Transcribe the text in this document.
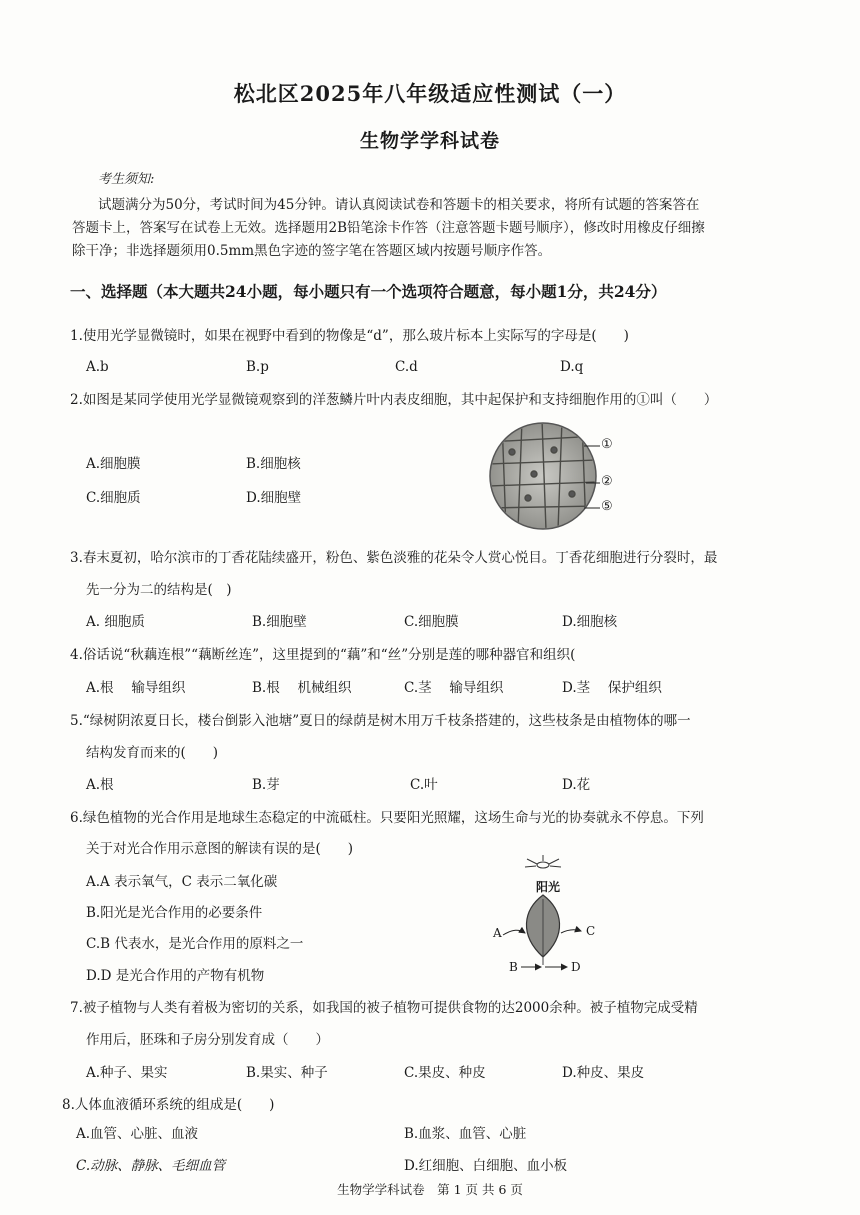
松北区2025年八年级适应性测试（一）
生物学学科试卷
考生须知:
试题满分为50分，考试时间为45分钟。请认真阅读试卷和答题卡的相关要求，将所有试题的答案答在
答题卡上，答案写在试卷上无效。选择题用2B铅笔涂卡作答（注意答题卡题号顺序），修改时用橡皮仔细擦
除干净；非选择题须用0.5mm黑色字迹的签字笔在答题区域内按题号顺序作答。
一、选择题（本大题共24小题，每小题只有一个选项符合题意，每小题1分，共24分）
1.使用光学显微镜时，如果在视野中看到的物像是“d”，那么玻片标本上实际写的字母是(　　)
A.b	B.p	C.d	D.q
2.如图是某同学使用光学显微镜观察到的洋葱鳞片叶内表皮细胞，其中起保护和支持细胞作用的①叫（　　）
A.细胞膜	B.细胞核
C.细胞质	D.细胞壁
①
②
⑤
3.春末夏初，哈尔滨市的丁香花陆续盛开，粉色、紫色淡雅的花朵令人赏心悦目。丁香花细胞进行分裂时，最
先一分为二的结构是(　)
A. 细胞质	B.细胞壁	C.细胞膜	D.细胞核
4.俗话说“秋藕连根”“藕断丝连”，这里提到的“藕”和“丝”分别是莲的哪种器官和组织(
A.根　 输导组织	B.根　 机械组织	C.茎　 输导组织	D.茎　 保护组织
5.“绿树阴浓夏日长，楼台倒影入池塘”夏日的绿荫是树木用万千枝条搭建的，这些枝条是由植物体的哪一
结构发育而来的(　　)
A.根	B.芽	C.叶	D.花
6.绿色植物的光合作用是地球生态稳定的中流砥柱。只要阳光照耀，这场生命与光的协奏就永不停息。下列
关于对光合作用示意图的解读有误的是(　　)
A.A 表示氧气，C 表示二氧化碳
B.阳光是光合作用的必要条件
C.B 代表水，是光合作用的原料之一
D.D 是光合作用的产物有机物
阳光
A	C
B	D
7.被子植物与人类有着极为密切的关系，如我国的被子植物可提供食物的达2000余种。被子植物完成受精
作用后，胚珠和子房分别发育成（　　）
A.种子、果实	B.果实、种子	C.果皮、种皮	D.种皮、果皮
8.人体血液循环系统的组成是(　　)
A.血管、心脏、血液	B.血浆、血管、心脏
C.动脉、静脉、毛细血管	D.红细胞、白细胞、血小板
生物学学科试卷　第 1 页 共 6 页
